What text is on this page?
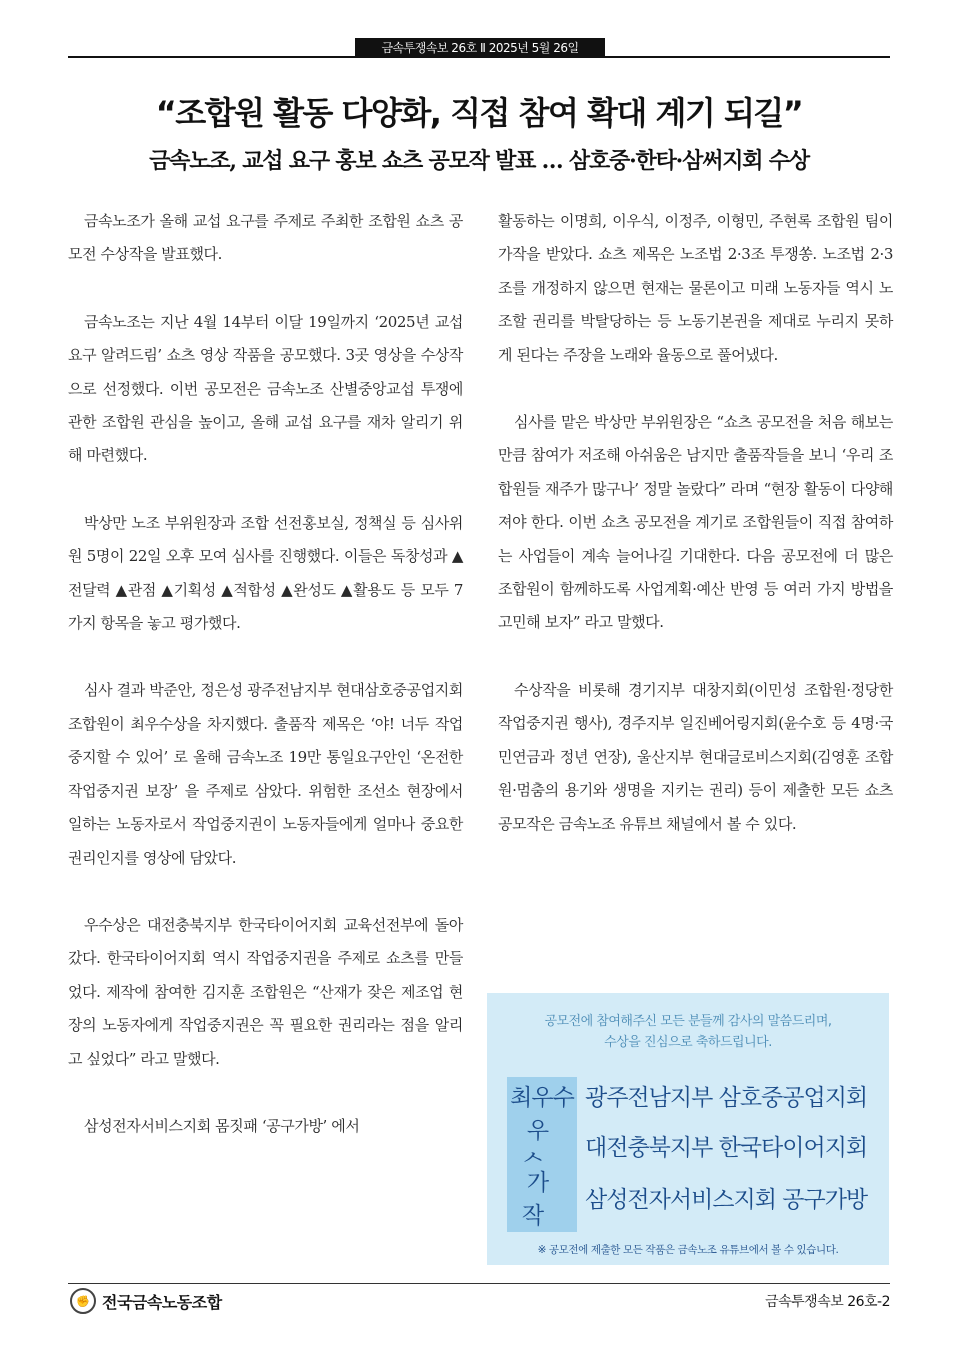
금속투쟁속보 26호 Ⅱ 2025년 5월 26일
“조합원 활동 다양화, 직접 참여 확대 계기 되길”
금속노조, 교섭 요구 홍보 쇼츠 공모작 발표 … 삼호중·한타·삼써지회 수상

금속노조가 올해 교섭 요구를 주제로 주최한 조합원 쇼츠 공모전 수상작을 발표했다.

금속노조는 지난 4월 14부터 이달 19일까지 ‘2025년 교섭 요구 알려드림’ 쇼츠 영상 작품을 공모했다. 3곳 영상을 수상작으로 선정했다. 이번 공모전은 금속노조 산별중앙교섭 투쟁에 관한 조합원 관심을 높이고, 올해 교섭 요구를 재차 알리기 위해 마련했다.

박상만 노조 부위원장과 조합 선전홍보실, 정책실 등 심사위원 5명이 22일 오후 모여 심사를 진행했다. 이들은 독창성과 ▲전달력 ▲관점 ▲기획성 ▲적합성 ▲완성도 ▲활용도 등 모두 7가지 항목을 놓고 평가했다.

심사 결과 박준안, 정은성 광주전남지부 현대삼호중공업지회 조합원이 최우수상을 차지했다. 출품작 제목은 ‘야! 너두 작업 중지할 수 있어’ 로 올해 금속노조 19만 통일요구안인 ‘온전한 작업중지권 보장’ 을 주제로 삼았다. 위험한 조선소 현장에서 일하는 노동자로서 작업중지권이 노동자들에게 얼마나 중요한 권리인지를 영상에 담았다.

우수상은 대전충북지부 한국타이어지회 교육선전부에 돌아갔다. 한국타이어지회 역시 작업중지권을 주제로 쇼츠를 만들었다. 제작에 참여한 김지훈 조합원은 “산재가 잦은 제조업 현장의 노동자에게 작업중지권은 꼭 필요한 권리라는 점을 알리고 싶었다” 라고 말했다.

삼성전자서비스지회 몸짓패 ‘공구가방’ 에서

활동하는 이명희, 이우식, 이정주, 이형민, 주현록 조합원 팀이 가작을 받았다. 쇼츠 제목은 노조법 2·3조 투쟁쏭. 노조법 2·3조를 개정하지 않으면 현재는 물론이고 미래 노동자들 역시 노조할 권리를 박탈당하는 등 노동기본권을 제대로 누리지 못하게 된다는 주장을 노래와 율동으로 풀어냈다.

심사를 맡은 박상만 부위원장은 “쇼츠 공모전을 처음 해보는 만큼 참여가 저조해 아쉬움은 남지만 출품작들을 보니 ‘우리 조합원들 재주가 많구나’ 정말 놀랐다” 라며 “현장 활동이 다양해져야 한다. 이번 쇼츠 공모전을 계기로 조합원들이 직접 참여하는 사업들이 계속 늘어나길 기대한다. 다음 공모전에 더 많은 조합원이 함께하도록 사업계획·예산 반영 등 여러 가지 방법을 고민해 보자” 라고 말했다.

수상작을 비롯해 경기지부 대창지회(이민성 조합원·정당한 작업중지권 행사), 경주지부 일진베어링지회(윤수호 등 4명·국민연금과 정년 연장), 울산지부 현대글로비스지회(김영훈 조합원·멈춤의 용기와 생명을 지키는 권리) 등이 제출한 모든 쇼츠 공모작은 금속노조 유튜브 채널에서 볼 수 있다.

공모전에 참여해주신 모든 분들께 감사의 말씀드리며,
수상을 진심으로 축하드립니다.

최우수 광주전남지부 삼호중공업지회
우
대전충북지부 한국타이어지회
가작
삼성전자서비스지회 공구가방

※ 공모전에 제출한 모든 작품은 금속노조 유튜브에서 볼 수 있습니다.

✊ 전국금속노동조합	금속투쟁속보 26호-2
